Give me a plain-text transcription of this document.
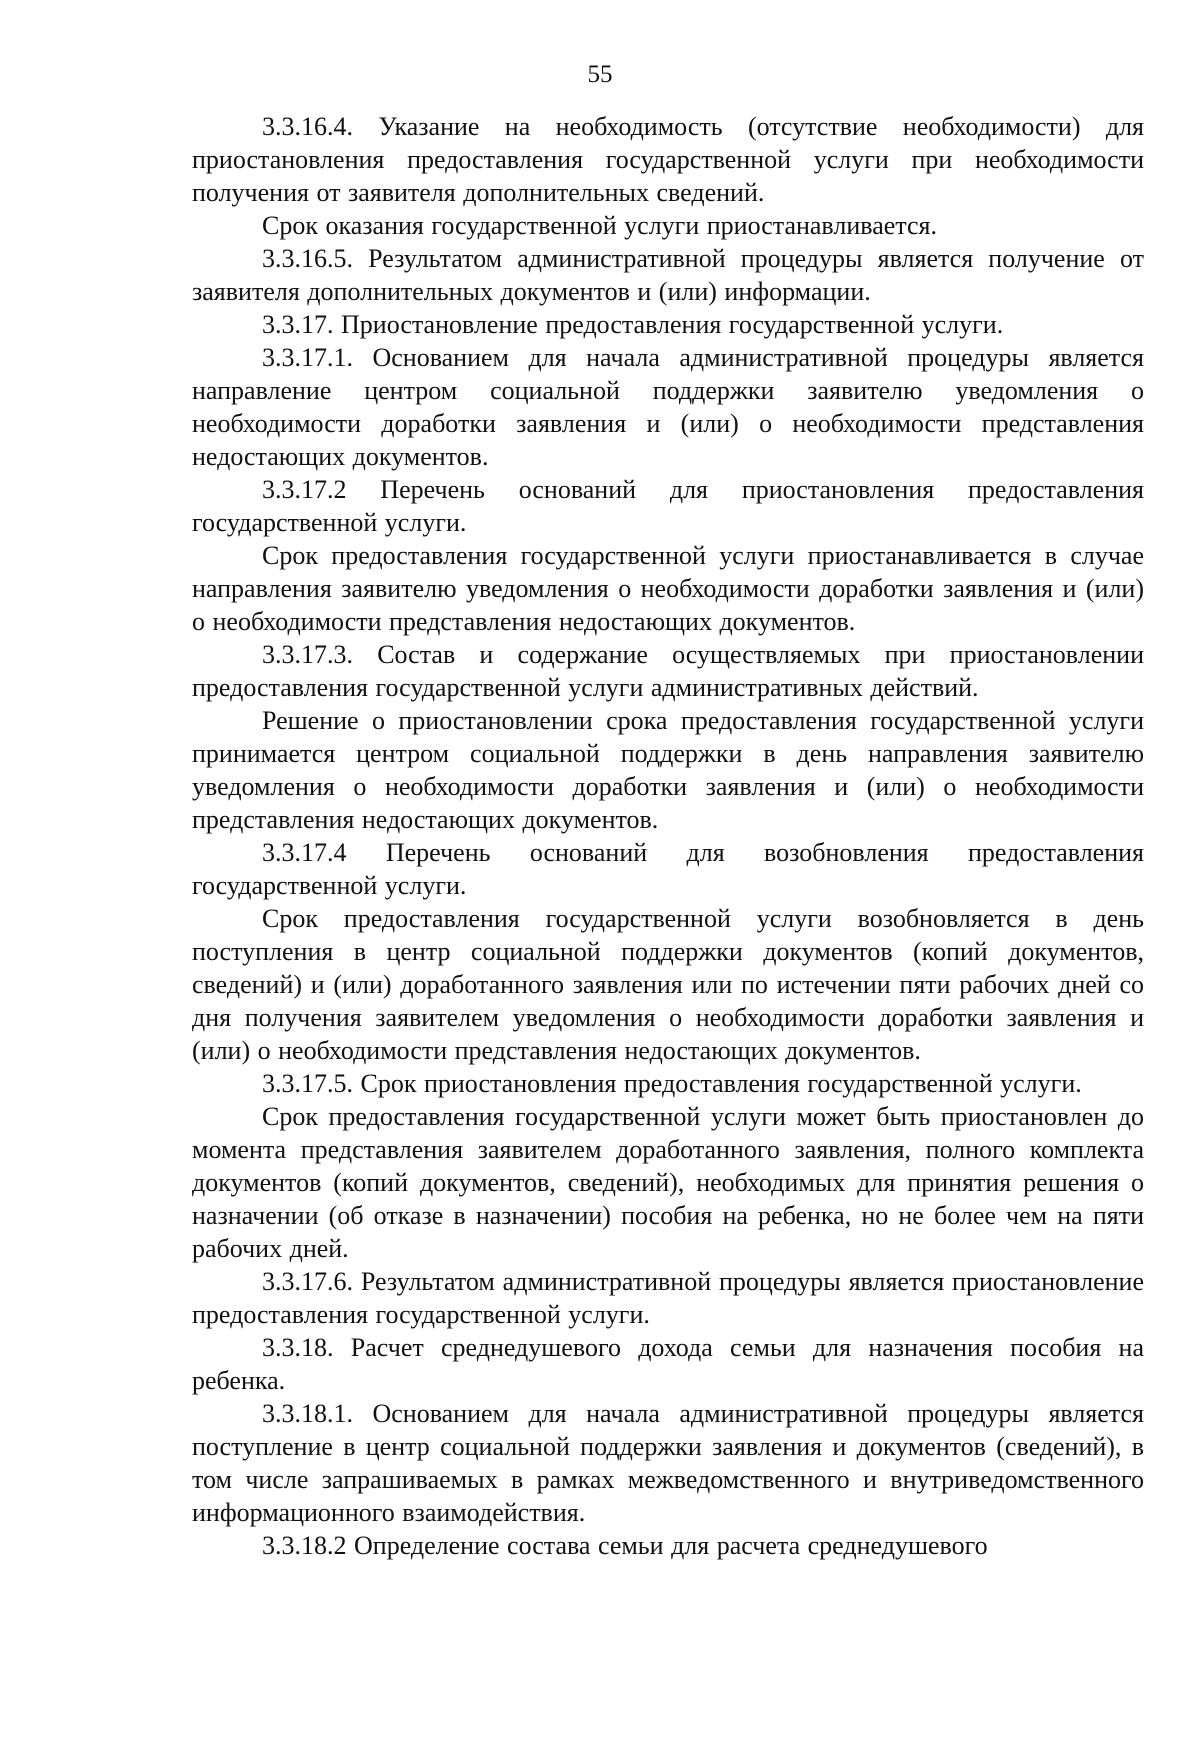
55

3.3.16.4. Указание на необходимость (отсутствие необходимости) для приостановления предоставления государственной услуги при необходимости получения от заявителя дополнительных сведений.

Срок оказания государственной услуги приостанавливается.

3.3.16.5. Результатом административной процедуры является получение от заявителя дополнительных документов и (или) информации.

3.3.17. Приостановление предоставления государственной услуги.

3.3.17.1. Основанием для начала административной процедуры является направление центром социальной поддержки заявителю уведомления о необходимости доработки заявления и (или) о необходимости представления недостающих документов.

3.3.17.2 Перечень оснований для приостановления предоставления государственной услуги.

Срок предоставления государственной услуги приостанавливается в случае направления заявителю уведомления о необходимости доработки заявления и (или) о необходимости представления недостающих документов.

3.3.17.3. Состав и содержание осуществляемых при приостановлении предоставления государственной услуги административных действий.

Решение о приостановлении срока предоставления государственной услуги принимается центром социальной поддержки в день направления заявителю уведомления о необходимости доработки заявления и (или) о необходимости представления недостающих документов.

3.3.17.4 Перечень оснований для возобновления предоставления государственной услуги.

Срок предоставления государственной услуги возобновляется в день поступления в центр социальной поддержки документов (копий документов, сведений) и (или) доработанного заявления или по истечении пяти рабочих дней со дня получения заявителем уведомления о необходимости доработки заявления и (или) о необходимости представления недостающих документов.

3.3.17.5. Срок приостановления предоставления государственной услуги.

Срок предоставления государственной услуги может быть приостановлен до момента представления заявителем доработанного заявления, полного комплекта документов (копий документов, сведений), необходимых для принятия решения о назначении (об отказе в назначении) пособия на ребенка, но не более чем на пяти рабочих дней.

3.3.17.6. Результатом административной процедуры является приостановление предоставления государственной услуги.

3.3.18. Расчет среднедушевого дохода семьи для назначения пособия на ребенка.

3.3.18.1. Основанием для начала административной процедуры является поступление в центр социальной поддержки заявления и документов (сведений), в том числе запрашиваемых в рамках межведомственного и внутриведомственного информационного взаимодействия.

3.3.18.2 Определение состава семьи для расчета среднедушевого
